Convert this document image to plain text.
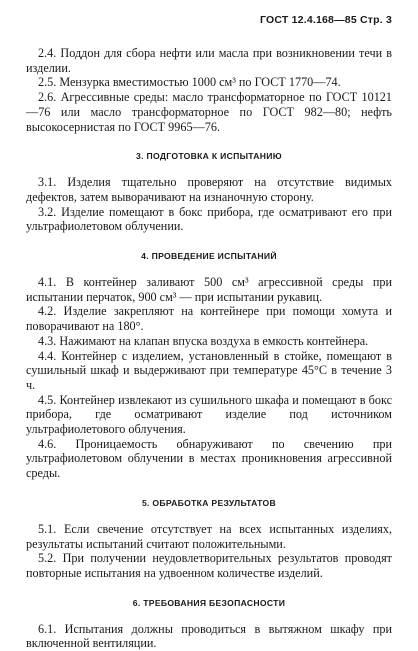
ГОСТ 12.4.168—85 Стр. 3

2.4. Поддон для сбора нефти или масла при возникновении течи в изделии.

2.5. Мензурка вместимостью 1000 см³ по ГОСТ 1770—74.

2.6. Агрессивные среды: масло трансформаторное по ГОСТ 10121—76 или масло трансформаторное по ГОСТ 982—80; нефть высокосернистая по ГОСТ 9965—76.

3. ПОДГОТОВКА К ИСПЫТАНИЮ

3.1. Изделия тщательно проверяют на отсутствие видимых дефектов, затем выворачивают на изнаночную сторону.

3.2. Изделие помещают в бокс прибора, где осматривают его при ультрафиолетовом облучении.

4. ПРОВЕДЕНИЕ ИСПЫТАНИЙ

4.1. В контейнер заливают 500 см³ агрессивной среды при испытании перчаток, 900 см³ — при испытании рукавиц.

4.2. Изделие закрепляют на контейнере при помощи хомута и поворачивают на 180°.

4.3. Нажимают на клапан впуска воздуха в емкость контейнера.

4.4. Контейнер с изделием, установленный в стойке, помещают в сушильный шкаф и выдерживают при температуре 45°С в течение 3 ч.

4.5. Контейнер извлекают из сушильного шкафа и помещают в бокс прибора, где осматривают изделие под источником ультрафиолетового облучения.

4.6. Проницаемость обнаруживают по свечению при ультрафиолетовом облучении в местах проникновения агрессивной среды.

5. ОБРАБОТКА РЕЗУЛЬТАТОВ

5.1. Если свечение отсутствует на всех испытанных изделиях, результаты испытаний считают положительными.

5.2. При получении неудовлетворительных результатов проводят повторные испытания на удвоенном количестве изделий.

6. ТРЕБОВАНИЯ БЕЗОПАСНОСТИ

6.1. Испытания должны проводиться в вытяжном шкафу при включенной вентиляции.
